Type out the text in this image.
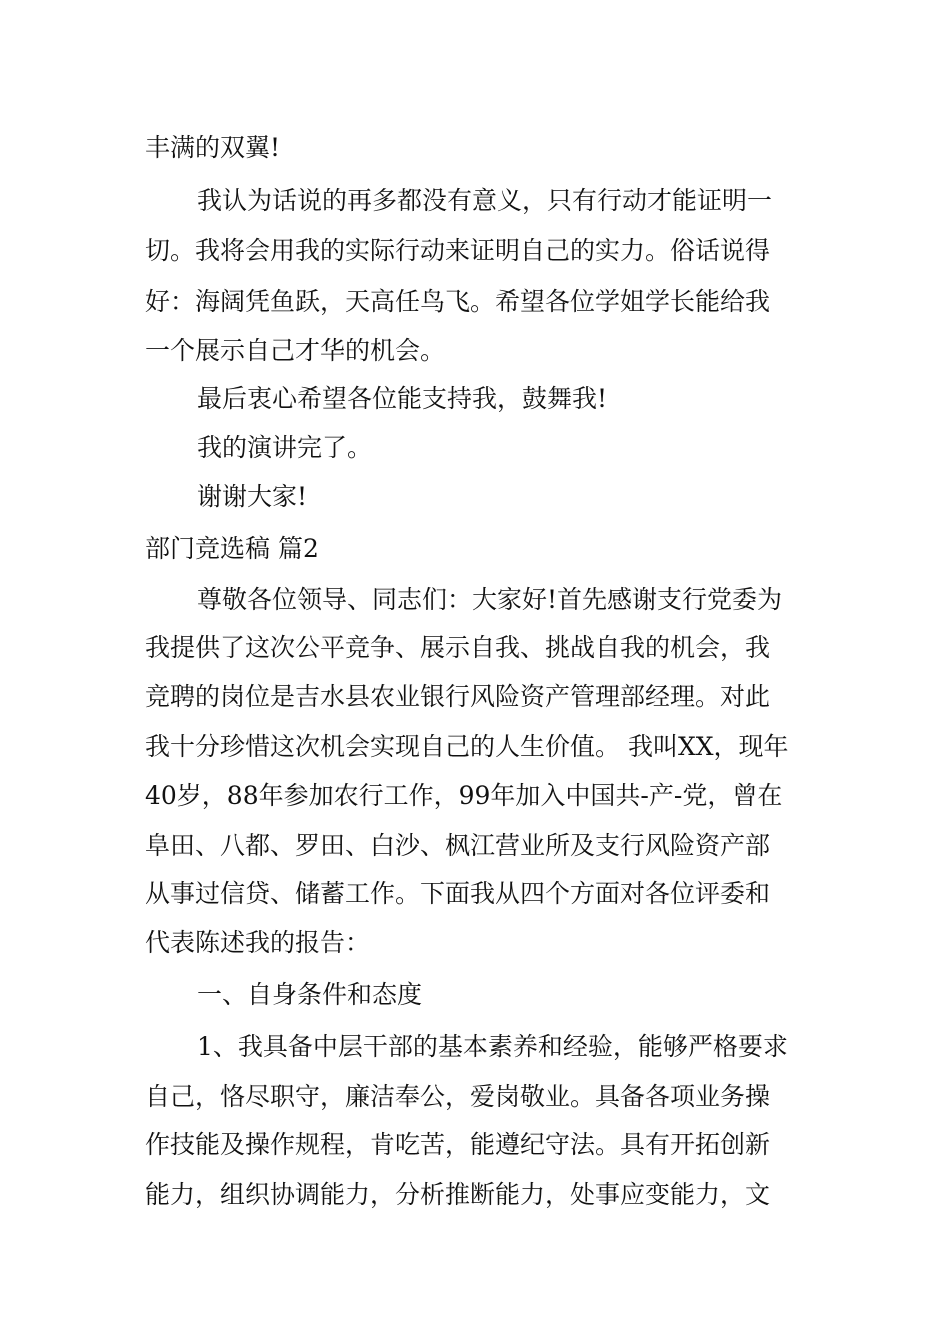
丰满的双翼!
我认为话说的再多都没有意义，只有行动才能证明一
切。我将会用我的实际行动来证明自己的实力。俗话说得
好：海阔凭鱼跃，天高任鸟飞。希望各位学姐学长能给我
一个展示自己才华的机会。
最后衷心希望各位能支持我，鼓舞我!
我的演讲完了。
谢谢大家!
部门竞选稿 篇2
尊敬各位领导、同志们：大家好!首先感谢支行党委为
我提供了这次公平竞争、展示自我、挑战自我的机会，我
竞聘的岗位是吉水县农业银行风险资产管理部经理。对此
我十分珍惜这次机会实现自己的人生价值。 我叫XX，现年
40岁，88年参加农行工作，99年加入中国共-产-党，曾在
阜田、八都、罗田、白沙、枫江营业所及支行风险资产部
从事过信贷、储蓄工作。下面我从四个方面对各位评委和
代表陈述我的报告：
一、自身条件和态度
1、我具备中层干部的基本素养和经验，能够严格要求
自己，恪尽职守，廉洁奉公，爱岗敬业。具备各项业务操
作技能及操作规程，肯吃苦，能遵纪守法。具有开拓创新
能力，组织协调能力，分析推断能力，处事应变能力，文
